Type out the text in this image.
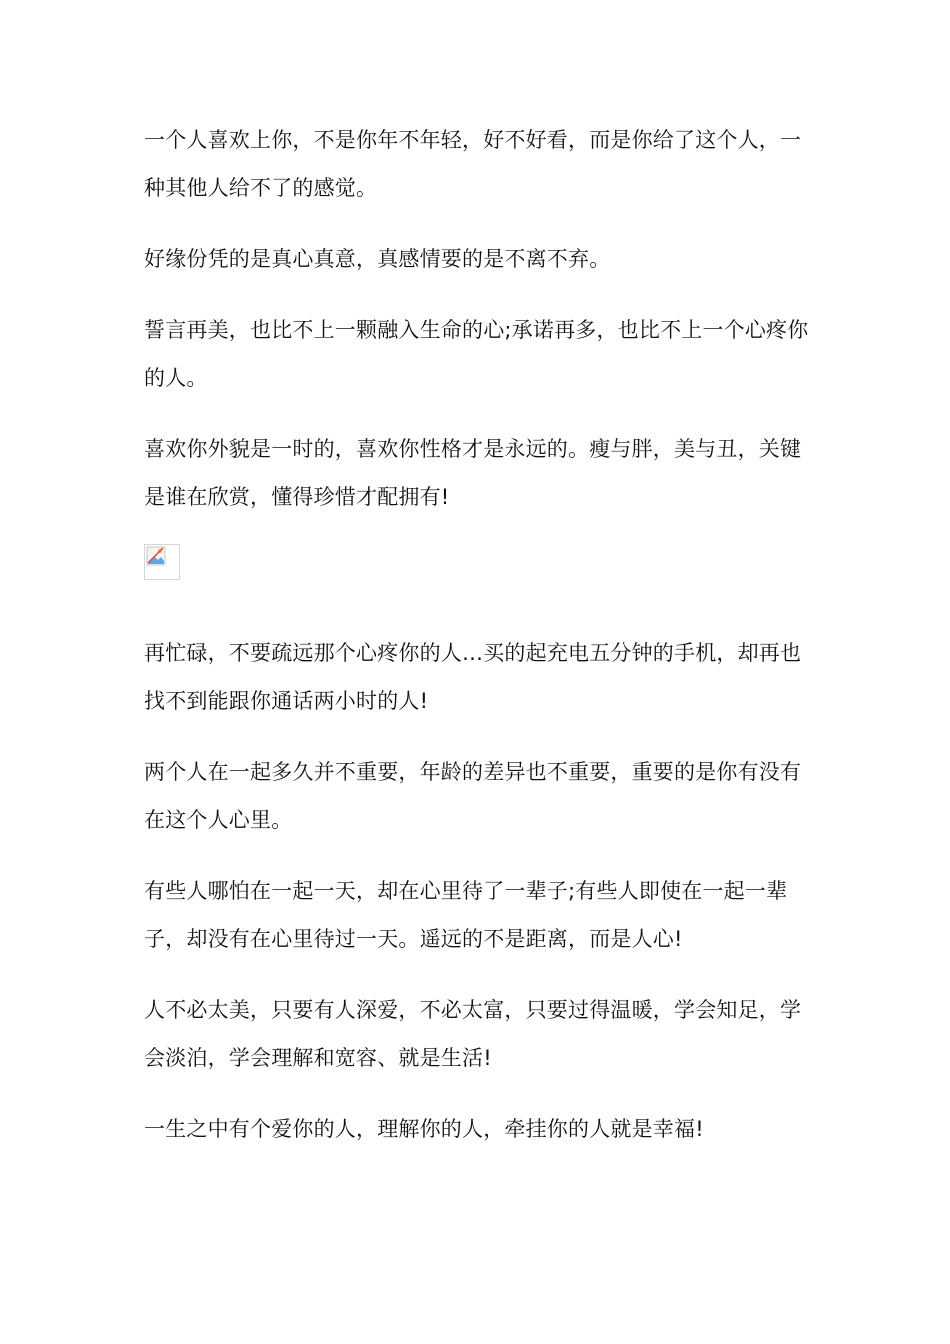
一个人喜欢上你，不是你年不年轻，好不好看，而是你给了这个人，一种其他人给不了的感觉。

好缘份凭的是真心真意，真感情要的是不离不弃。

誓言再美，也比不上一颗融入生命的心;承诺再多，也比不上一个心疼你的人。

喜欢你外貌是一时的，喜欢你性格才是永远的。瘦与胖，美与丑，关键是谁在欣赏，懂得珍惜才配拥有!

再忙碌，不要疏远那个心疼你的人…买的起充电五分钟的手机，却再也找不到能跟你通话两小时的人!

两个人在一起多久并不重要，年龄的差异也不重要，重要的是你有没有在这个人心里。

有些人哪怕在一起一天，却在心里待了一辈子;有些人即使在一起一辈子，却没有在心里待过一天。遥远的不是距离，而是人心!

人不必太美，只要有人深爱，不必太富，只要过得温暖，学会知足，学会淡泊，学会理解和宽容、就是生活!

一生之中有个爱你的人，理解你的人，牵挂你的人就是幸福!
